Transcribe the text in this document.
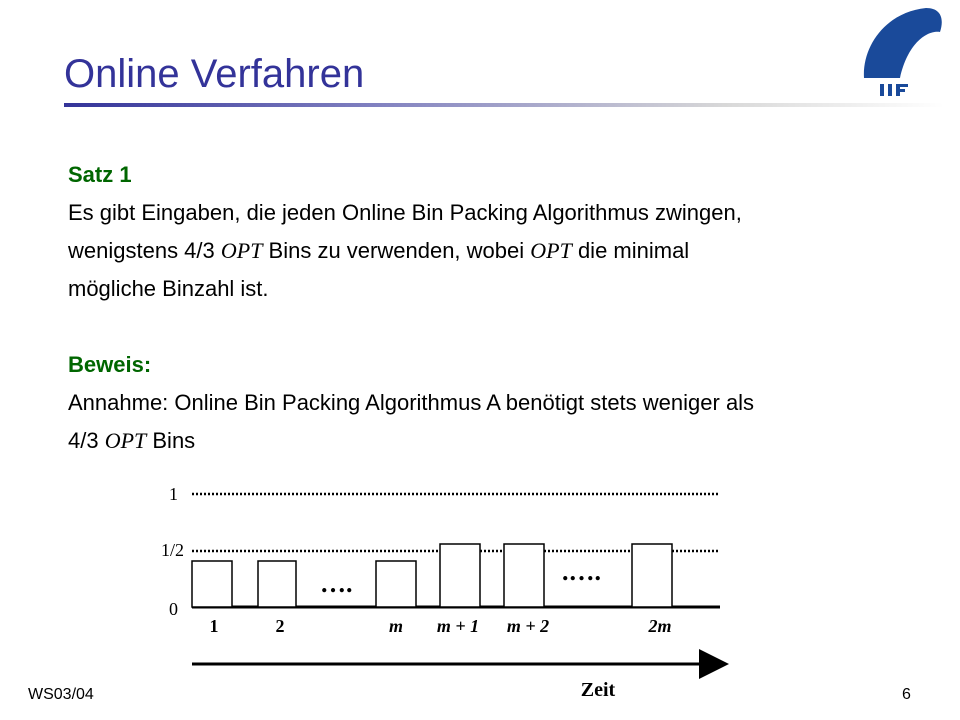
Online Verfahren

Satz 1

Es gibt Eingaben, die jeden Online Bin Packing Algorithmus zwingen,

wenigstens 4/3 OPT Bins zu verwenden, wobei OPT die minimal

mögliche Binzahl ist.

Beweis:

Annahme: Online Bin Packing Algorithmus A benötigt stets weniger als

4/3 OPT Bins

1
1/2
0
….	.….
1	2	m m + 1 m + 2	2m
Zeit
WS03/04	6
